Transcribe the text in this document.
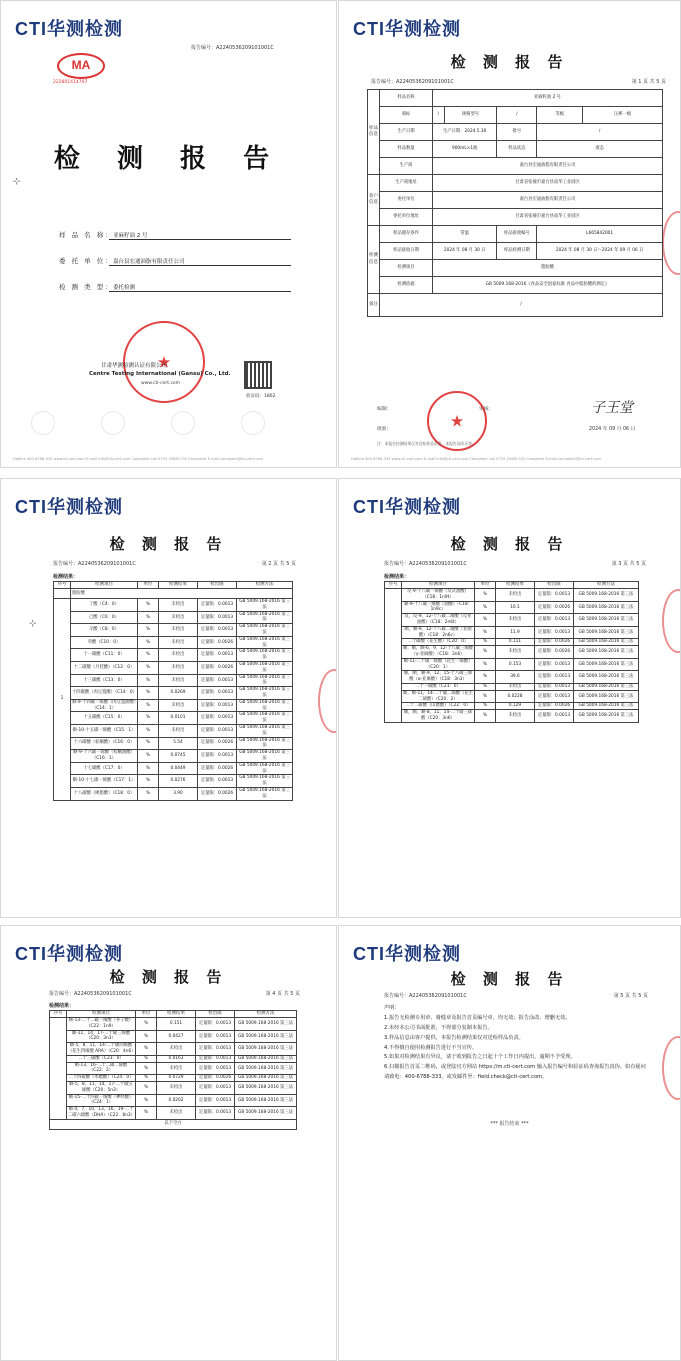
CTI华测检测
报告编号：A2240536209101001C
MA
222801414707
检 测 报 告
⊹
样 品 名 称：亚麻籽油 2 号
委 托 单 位：嘉台县宏通油脂有限责任公司
检 测 类 型：委托检测
★
甘肃华测检测认证有限公司
Centre Testing International (Gansu) Co., Ltd.
www.cti-cert.com
验证码：1862
Hotline 400-6788-333 www.cti-cert.com E-mail info@cti-cert.com Complaint call 0755-33681700 Complaint E-mail complaint@cti-cert.com
CTI华测检测
检 测 报 告
报告编号：A2240536209101001C	第 1 页 共 5 页
样品信息	样品名称	亚麻籽油 2 号				
	商标	/	规格型号	/	等级	压榨一级
	生产日期	生产日期：2024.5.30		批号	/	
	样品数量	900mL×1瓶		样品状态	液态	
	生产商	嘉台县宏通油脂有限责任公司				
客户信息	生产商地址	甘肃省张掖市嘉台县南华工业园区				
	委托单位	嘉台县宏通油脂有限责任公司				
	委托单位地址	甘肃省张掖市嘉台县南华工业园区				
检测信息	样品储存条件	常温		样品接收编号	L665842001	
	样品接收日期	2024 年 08 月 30 日		样品检测日期	2024 年 08 月 30 日～2024 年 09 月 06 日	
	检测项目	脂肪酸				
	检测依据	GB 5009.168-2016《食品安全国家标准 食品中脂肪酸的测定》				
备注	/					
编制：	审核：
批准：	2024 年 09 月 06 日
子王堂
★
注：本报告检测结果仅对送检样品负责，本报告涂改无效。
Hotline 400-6788-333 www.cti-cert.com E-mail info@cti-cert.com Complaint call 0755-33681700 Complaint E-mail complaint@cti-cert.com
CTI华测检测
检 测 报 告
报告编号：A2240536209101001C	第 2 页 共 5 页
检测结果：
⊹
序号	检测项目	单位	检测结果	检出限	检测方法
	脂肪酸				
1	丁酸（C4：0）	%	未检出	定量限：0.0013	GB 5009.168-2016 第三法
	己酸（C6：0）	%	未检出	定量限：0.0013	GB 5009.168-2016 第三法
	辛酸（C8：0）	%	未检出	定量限：0.0013	GB 5009.168-2016 第三法
	癸酸（C10：0）	%	未检出	定量限：0.0026	GB 5009.168-2016 第三法
	十一碳酸（C11：0）	%	未检出	定量限：0.0013	GB 5009.168-2016 第三法
	十二碳酸（月桂酸）（C12：0）	%	未检出	定量限：0.0026	GB 5009.168-2016 第三法
	十三碳酸（C13：0）	%	未检出	定量限：0.0013	GB 5009.168-2016 第三法
	十四碳酸（肉豆蔻酸）（C14：0）	%	0.0269	定量限：0.0013	GB 5009.168-2016 第三法
	顺-9-十四碳一烯酸（肉豆蔻油酸）（C14：1）	%	未检出	定量限：0.0013	GB 5009.168-2016 第三法
	十五碳酸（C15：0）	%	0.0101	定量限：0.0013	GB 5009.168-2016 第三法
	顺-10-十五碳一烯酸（C15：1）	%	未检出	定量限：0.0013	GB 5009.168-2016 第三法
	十六碳酸（棕榈酸）（C16：0）	%	5.54	定量限：0.0026	GB 5009.168-2016 第三法
	顺-9-十六碳一烯酸（棕榈油酸）（C16：1）	%	0.0745	定量限：0.0013	GB 5009.168-2016 第三法
	十七碳酸（C17：0）	%	0.0449	定量限：0.0026	GB 5009.168-2016 第三法
	顺-10-十七碳一烯酸（C17：1）	%	0.0276	定量限：0.0013	GB 5009.168-2016 第三法
	十八碳酸（硬脂酸）（C18：0）	%	3.90	定量限：0.0026	GB 5009.168-2016 第三法
CTI华测检测
检 测 报 告
报告编号：A2240536209101001C	第 3 页 共 5 页
检测结果：
序号	检测项目	单位	检测结果	检出限	检测方法
	反-9-十八碳一烯酸（反式油酸）（C18：1n9t）	%	未检出	定量限：0.0013	GB 5009.168-2016 第三法
	顺-9-十八碳一烯酸（油酸）（C18：1n9c）	%	10.1	定量限：0.0026	GB 5009.168-2016 第三法
	反，反-9，12-十八碳二烯酸（反亚油酸）（C18：2n6t）	%	未检出	定量限：0.0013	GB 5009.168-2016 第三法
	顺，顺-9，12-十八碳二烯酸（亚油酸）（C18：2n6c）	%	11.9	定量限：0.0013	GB 5009.168-2016 第三法
	二十碳酸（花生酸）（C20：0）	%	0.111	定量限：0.0026	GB 5009.168-2016 第三法
	顺，顺，顺-6，9，12-十八碳三烯酸（γ-亚麻酸）（C18：3n6）	%	未检出	定量限：0.0026	GB 5009.168-2016 第三法
	顺-11-二十碳一烯酸（花生一烯酸）（C20：1）	%	0.153	定量限：0.0013	GB 5009.168-2016 第三法
	顺，顺，顺-9，12，15-十八碳三烯酸（α-亚麻酸）（C18：3n3）	%	39.6	定量限：0.0013	GB 5009.168-2016 第三法
	二十一碳酸（C21：0）	%	未检出	定量限：0.0013	GB 5009.168-2016 第三法
	顺，顺-11，14-二十碳二烯酸（花生二烯酸）（C20：2）	%	0.0228	定量限：0.0013	GB 5009.168-2016 第三法
	二十二碳酸（山嵛酸）（C22：0）	%	0.129	定量限：0.0026	GB 5009.168-2016 第三法
	顺，顺，顺-8，11，14-二十碳三烯酸（C20：3n6）	%	未检出	定量限：0.0013	GB 5009.168-2016 第三法
CTI华测检测
检 测 报 告
报告编号：A2240536209101001C	第 4 页 共 5 页
检测结果：
序号	检测项目	单位	检测结果	检出限	检测方法
	顺-13-二十二碳一烯酸（芥子酸）（C22：1n9）	%	0.151	定量限：0.0013	GB 5009.168-2016 第三法
	顺-11，14，17-二十碳三烯酸（C20：3n3）	%	0.0427	定量限：0.0013	GB 5009.168-2016 第三法
	顺-5，8，11，14-二十碳四烯酸（花生四烯酸 ARA）（C20：4n6）	%	未检出	定量限：0.0013	GB 5009.168-2016 第三法
	二十三碳酸（C23：0）	%	0.0163	定量限：0.0013	GB 5009.168-2016 第三法
	顺-13，16-二十二碳二烯酸（C22：2）	%	未检出	定量限：0.0013	GB 5009.168-2016 第三法
	二十四碳酸（木蜡酸）（C24：0）	%	0.0729	定量限：0.0026	GB 5009.168-2016 第三法
	顺-5，8，11，14，17-二十碳五烯酸（C20：5n3）	%	未检出	定量限：0.0013	GB 5009.168-2016 第三法
	顺-15-二十四碳一烯酸（神经酸）（C24：1）	%	0.0202	定量限：0.0013	GB 5009.168-2016 第三法
	顺-4，7，10，13，16，19-二十二碳六烯酸（DHA）（C22：6n3）	%	未检出	定量限：0.0013	GB 5009.168-2016 第三法
以下空白					
CTI华测检测
检 测 报 告
报告编号：A2240536209101001C	第 5 页 共 5 页
声明：
1.报告无检测专用章、骑缝章及报告首页编号章，均无效；报告涂改、增删无效。
2.未经本公司书面批准，不得部分复制本报告。
3.样品信息由客户提供，本报告检测结果仅对送检样品负责。
4.不得擅自使用检测报告进行不当宣传。
5.如果对检测结果有异议，请于收到报告之日起十个工作日内提出，逾期不予受理。
6.扫描报告首页二维码，或登陆官方网站 https://m.cti-cert.com 输入报告编号和验证码查询报告真伪。如有疑问请致电：400-6788-333，或发邮件至：field.check@cti-cert.com。
*** 报告结束 ***
